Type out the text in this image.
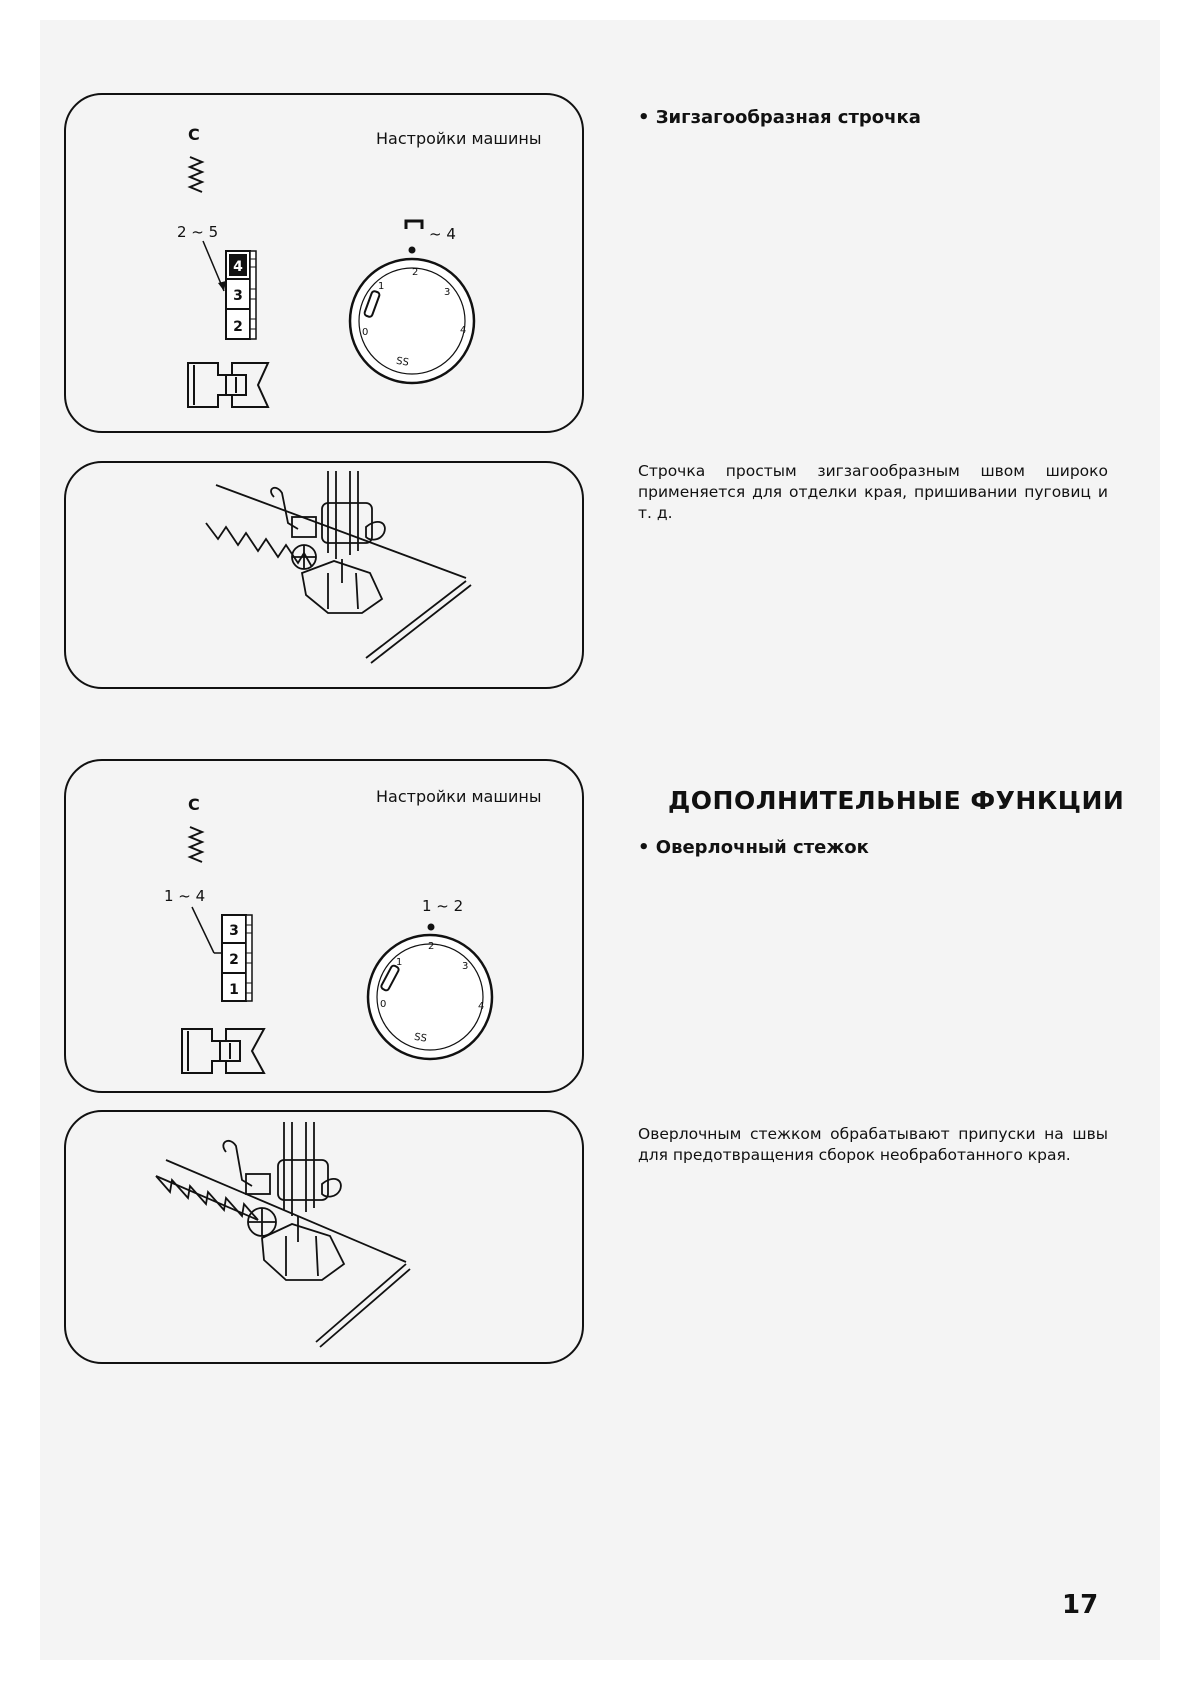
C	Настройки машины
2 ~ 5	~ 4
4
3
2	0
1
2
3
4
SS
C	Настройки машины
1 ~ 4
1 ~ 2
3
2
1
0
1
2
3
4
SS
• Зигзагообразная строчка
Строчка простым зигзагообразным швом широко применяется для отделки края, пришивании пуговиц и т. д.
ДОПОЛНИТЕЛЬНЫЕ ФУНКЦИИ
• Оверлочный стежок
Оверлочным стежком обрабатывают припуски на швы для предотвращения сборок необработанного края.
17
